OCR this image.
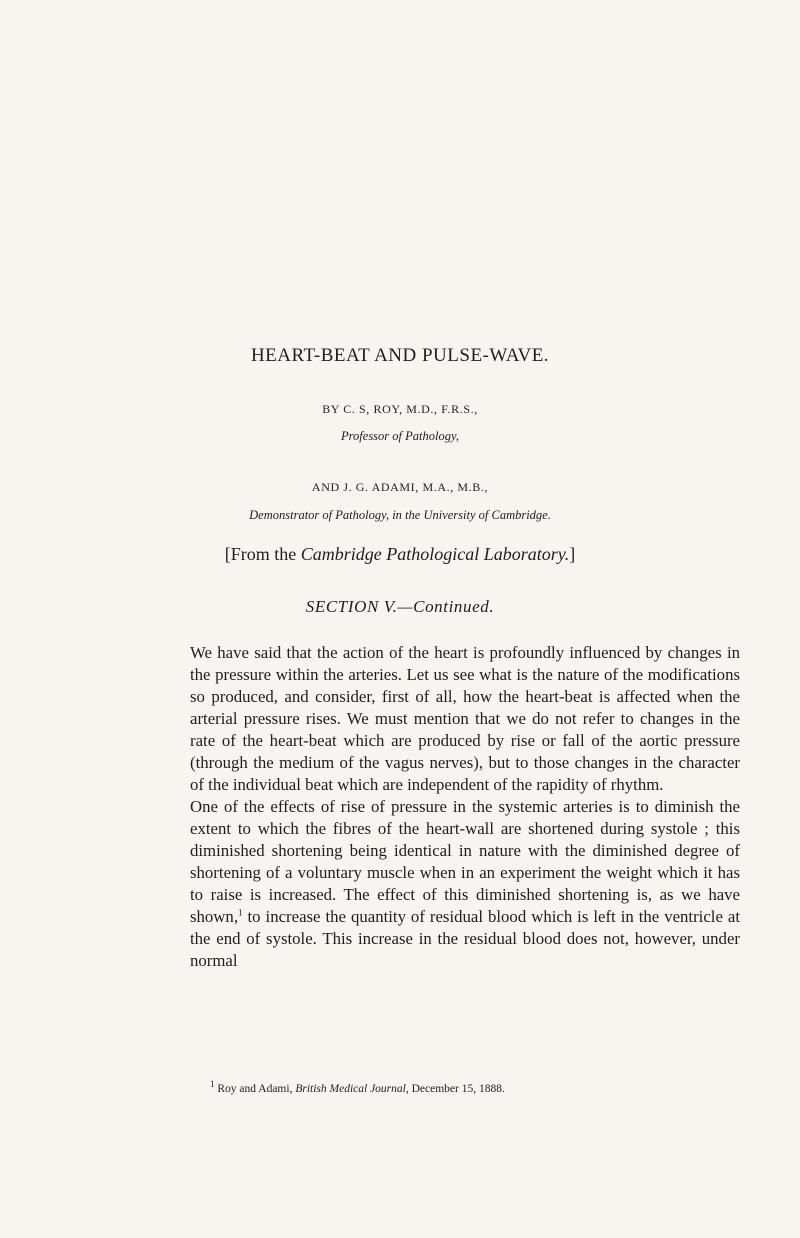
HEART-BEAT AND PULSE-WAVE.

BY C. S, ROY, M.D., F.R.S.,

Professor of Pathology,

AND J. G. ADAMI, M.A., M.B.,

Demonstrator of Pathology, in the University of Cambridge.

[From the Cambridge Pathological Laboratory.]

SECTION V.—Continued.

We have said that the action of the heart is profoundly influenced by changes in the pressure within the arteries. Let us see what is the nature of the modifications so produced, and consider, first of all, how the heart-beat is affected when the arterial pressure rises. We must mention that we do not refer to changes in the rate of the heart-beat which are produced by rise or fall of the aortic pressure (through the medium of the vagus nerves), but to those changes in the character of the individual beat which are independent of the rapidity of rhythm.

One of the effects of rise of pressure in the systemic arteries is to diminish the extent to which the fibres of the heart-wall are shortened during systole ; this diminished shortening being identical in nature with the diminished degree of shortening of a voluntary muscle when in an experiment the weight which it has to raise is increased. The effect of this diminished shortening is, as we have shown,$^1$ to increase the quantity of residual blood which is left in the ventricle at the end of systole. This increase in the residual blood does not, however, under normal

$^1$ Roy and Adami, British Medical Journal, December 15, 1888.
